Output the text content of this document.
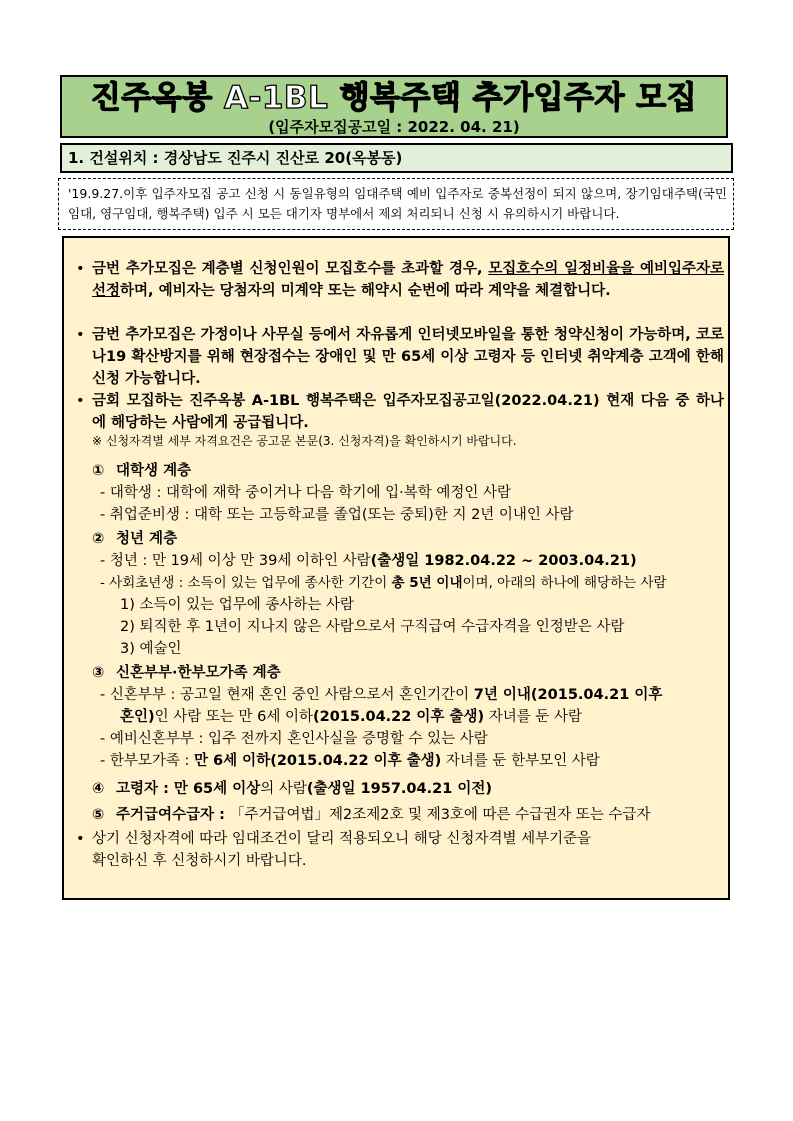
진주옥봉 A-1BL 행복주택 추가입주자 모집
(입주자모집공고일 : 2022. 04. 21)
1. 건설위치 : 경상남도 진주시 진산로 20(옥봉동)
'19.9.27.이후 입주자모집 공고 신청 시 동일유형의 임대주택 예비 입주자로 중복선정이 되지 않으며, 장기임대주택(국민임대, 영구임대, 행복주택) 입주 시 모든 대기자 명부에서 제외 처리되니 신청 시 유의하시기 바랍니다.
• 금번 추가모집은 계층별 신청인원이 모집호수를 초과할 경우, 모집호수의 일정비율을 예비입주자로 선정하며, 예비자는 당첨자의 미계약 또는 해약시 순번에 따라 계약을 체결합니다.
• 금번 추가모집은 가정이나 사무실 등에서 자유롭게 인터넷모바일을 통한 청약신청이 가능하며, 코로나19 확산방지를 위해 현장접수는 장애인 및 만 65세 이상 고령자 등 인터넷 취약계층 고객에 한해 신청 가능합니다.
• 금회 모집하는 진주옥봉 A-1BL 행복주택은 입주자모집공고일(2022.04.21) 현재 다음 중 하나에 해당하는 사람에게 공급됩니다.
※ 신청자격별 세부 자격요건은 공고문 본문(3. 신청자격)을 확인하시기 바랍니다.
① 대학생 계층
- 대학생 : 대학에 재학 중이거나 다음 학기에 입·복학 예정인 사람
- 취업준비생 : 대학 또는 고등학교를 졸업(또는 중퇴)한 지 2년 이내인 사람
② 청년 계층
- 청년 : 만 19세 이상 만 39세 이하인 사람(출생일 1982.04.22 ~ 2003.04.21)
- 사회초년생 : 소득이 있는 업무에 종사한 기간이 총 5년 이내이며, 아래의 하나에 해당하는 사람
1) 소득이 있는 업무에 종사하는 사람
2) 퇴직한 후 1년이 지나지 않은 사람으로서 구직급여 수급자격을 인정받은 사람
3) 예술인
③ 신혼부부·한부모가족 계층
- 신혼부부 : 공고일 현재 혼인 중인 사람으로서 혼인기간이 7년 이내(2015.04.21 이후
혼인)인 사람 또는 만 6세 이하(2015.04.22 이후 출생) 자녀를 둔 사람
- 예비신혼부부 : 입주 전까지 혼인사실을 증명할 수 있는 사람
- 한부모가족 : 만 6세 이하(2015.04.22 이후 출생) 자녀를 둔 한부모인 사람
④ 고령자 : 만 65세 이상의 사람(출생일 1957.04.21 이전)
⑤ 주거급여수급자 : 「주거급여법」제2조제2호 및 제3호에 따른 수급권자 또는 수급자
• 상기 신청자격에 따라 임대조건이 달리 적용되오니 해당 신청자격별 세부기준을
확인하신 후 신청하시기 바랍니다.
